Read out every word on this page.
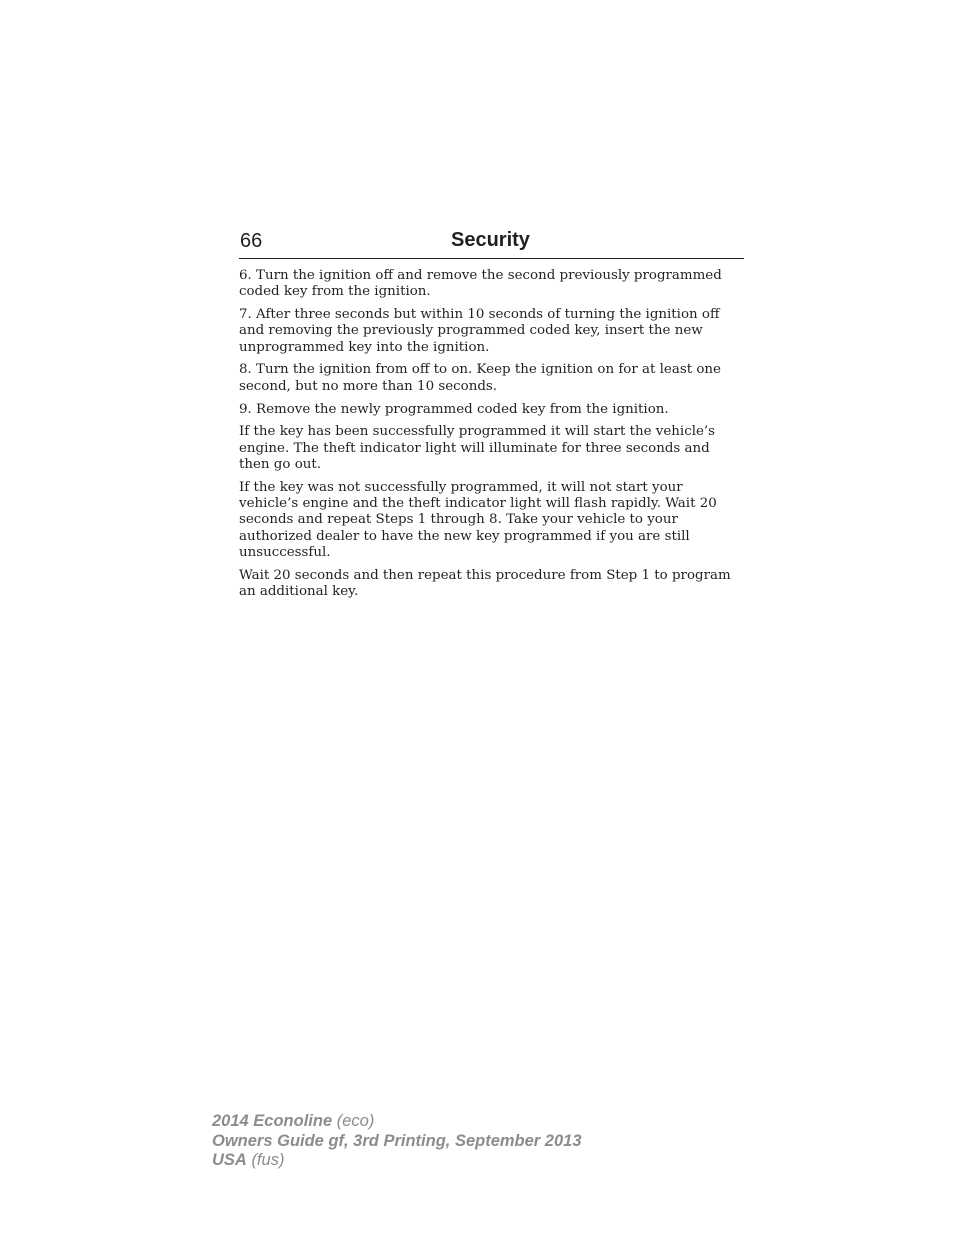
66	Security

6. Turn the ignition off and remove the second previously programmed coded key from the ignition.

7. After three seconds but within 10 seconds of turning the ignition off and removing the previously programmed coded key, insert the new unprogrammed key into the ignition.

8. Turn the ignition from off to on. Keep the ignition on for at least one second, but no more than 10 seconds.

9. Remove the newly programmed coded key from the ignition.

If the key has been successfully programmed it will start the vehicle’s engine. The theft indicator light will illuminate for three seconds and then go out.

If the key was not successfully programmed, it will not start your vehicle’s engine and the theft indicator light will flash rapidly. Wait 20 seconds and repeat Steps 1 through 8. Take your vehicle to your authorized dealer to have the new key programmed if you are still unsuccessful.

Wait 20 seconds and then repeat this procedure from Step 1 to program an additional key.

2014 Econoline (eco)
Owners Guide gf, 3rd Printing, September 2013
USA (fus)
